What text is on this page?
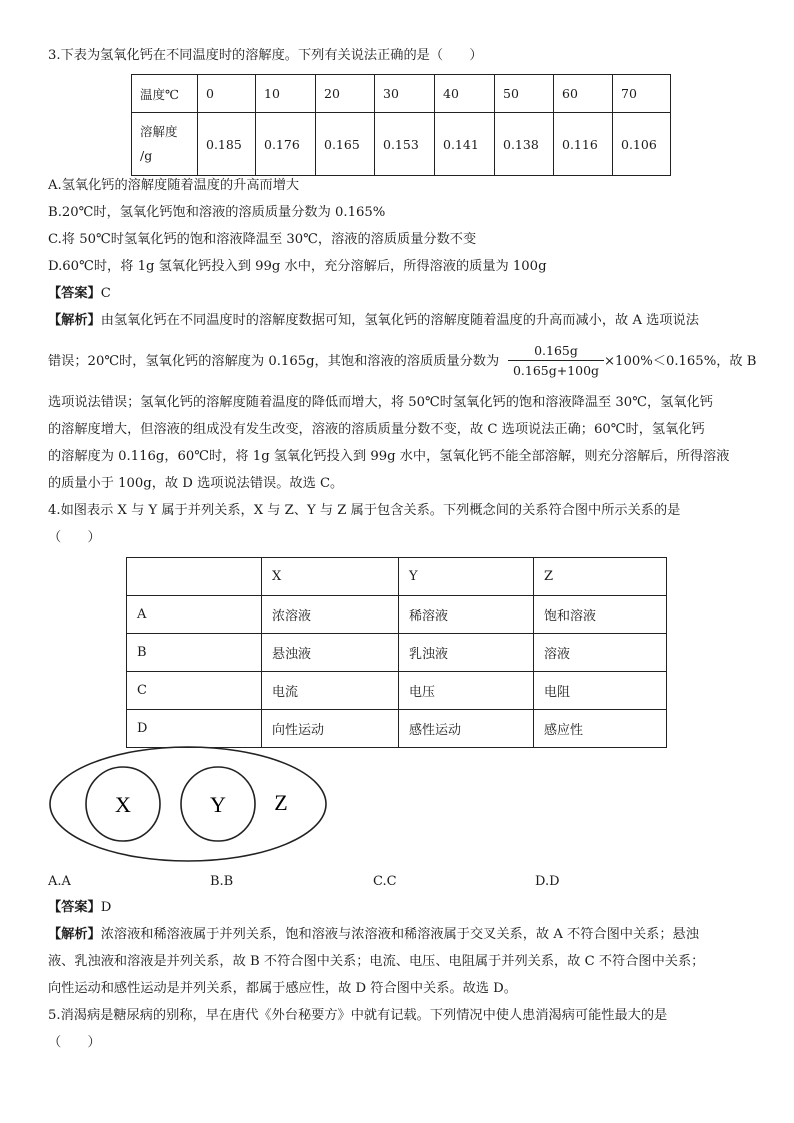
3.下表为氢氧化钙在不同温度时的溶解度。下列有关说法正确的是（　　）
温度℃	0	10	20	30	40	50	60	70
溶解度
/g	0.185	0.176	0.165	0.153	0.141	0.138	0.116	0.106
A.氢氧化钙的溶解度随着温度的升高而增大
B.20℃时，氢氧化钙饱和溶液的溶质质量分数为 0.165%
C.将 50℃时氢氧化钙的饱和溶液降温至 30℃，溶液的溶质质量分数不变
D.60℃时，将 1g 氢氧化钙投入到 99g 水中，充分溶解后，所得溶液的质量为 100g
【答案】C
【解析】由氢氧化钙在不同温度时的溶解度数据可知，氢氧化钙的溶解度随着温度的升高而减小，故 A 选项说法
错误；20℃时，氢氧化钙的溶解度为 0.165g，其饱和溶液的溶质质量分数为 $\frac{0.165g}{0.165g+100g} \times 100\%<0.165\%$，故 B
选项说法错误；氢氧化钙的溶解度随着温度的降低而增大，将 50℃时氢氧化钙的饱和溶液降温至 30℃，氢氧化钙
的溶解度增大，但溶液的组成没有发生改变，溶液的溶质质量分数不变，故 C 选项说法正确；60℃时，氢氧化钙
的溶解度为 0.116g，60℃时，将 1g 氢氧化钙投入到 99g 水中，氢氧化钙不能全部溶解，则充分溶解后，所得溶液
的质量小于 100g，故 D 选项说法错误。故选 C。
4.如图表示 X 与 Y 属于并列关系，X 与 Z、Y 与 Z 属于包含关系。下列概念间的关系符合图中所示关系的是
（　　）
	X	Y	Z
A	浓溶液	稀溶液	饱和溶液
B	悬浊液	乳浊液	溶液
C	电流	电压	电阻
D	向性运动	感性运动	感应性
X	Y Z
A.A	B.B	C.C	D.D
【答案】D
【解析】浓溶液和稀溶液属于并列关系，饱和溶液与浓溶液和稀溶液属于交叉关系，故 A 不符合图中关系；悬浊
液、乳浊液和溶液是并列关系，故 B 不符合图中关系；电流、电压、电阻属于并列关系，故 C 不符合图中关系；
向性运动和感性运动是并列关系，都属于感应性，故 D 符合图中关系。故选 D。
5.消渴病是糖尿病的别称，早在唐代《外台秘要方》中就有记载。下列情况中使人患消渴病可能性最大的是
（　　）
